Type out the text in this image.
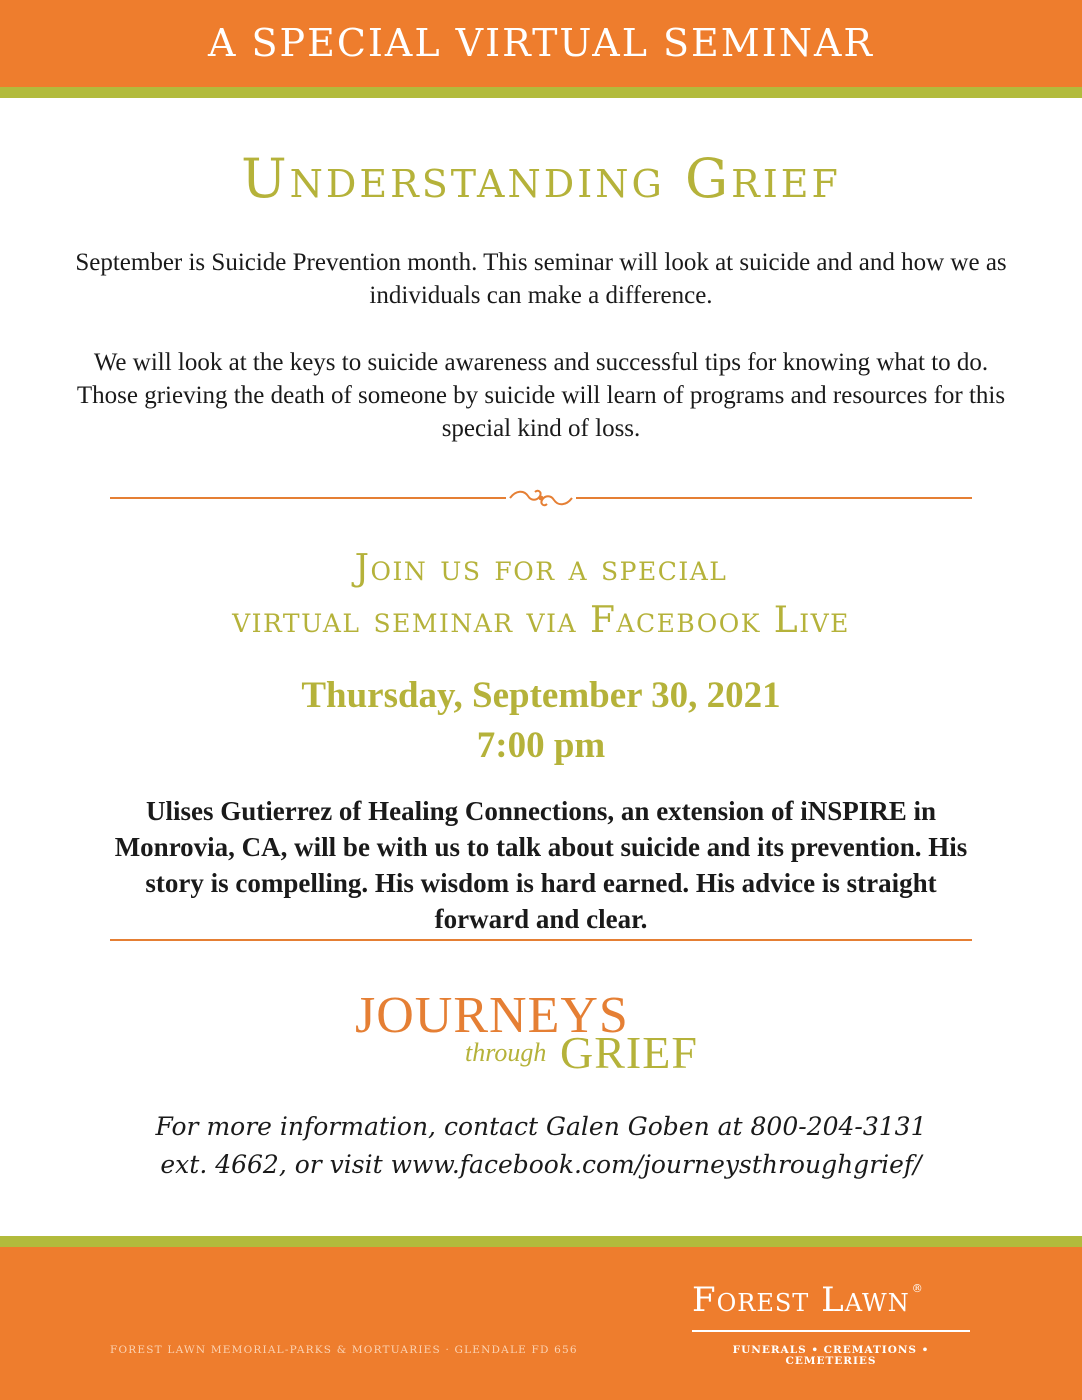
A SPECIAL VIRTUAL SEMINAR
Understanding Grief
September is Suicide Prevention month. This seminar will look at suicide and and how we as individuals can make a difference.
We will look at the keys to suicide awareness and successful tips for knowing what to do. Those grieving the death of someone by suicide will learn of programs and resources for this special kind of loss.
Join us for a special
virtual seminar via Facebook Live
Thursday, September 30, 2021
7:00 pm
Ulises Gutierrez of Healing Connections, an extension of iNSPIRE in Monrovia, CA, will be with us to talk about suicide and its prevention. His story is compelling. His wisdom is hard earned. His advice is straight forward and clear.
JOURNEYS
through GRIEF
For more information, contact Galen Goben at 800-204-3131
ext. 4662, or visit www.facebook.com/journeysthroughgrief/
FOREST LAWN MEMORIAL-PARKS & MORTUARIES · GLENDALE FD 656
Forest Lawn ®
FUNERALS • CREMATIONS • CEMETERIES
